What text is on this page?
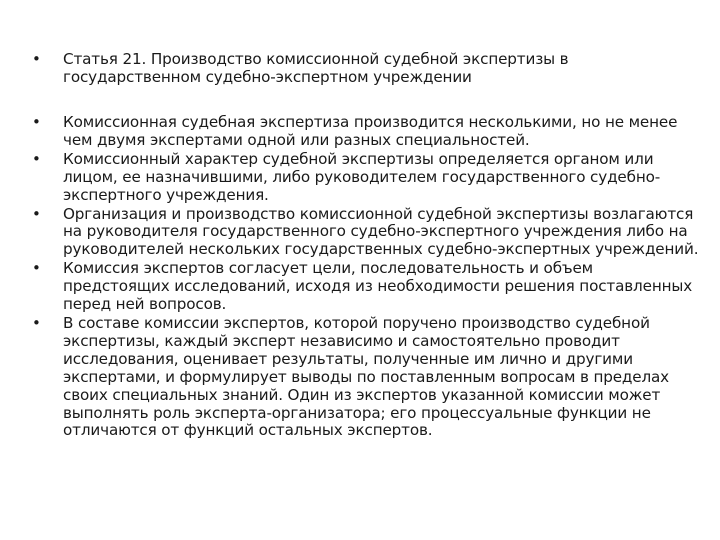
• Статья 21. Производство комиссионной судебной экспертизы в государственном судебно-экспертном учреждении
• Комиссионная судебная экспертиза производится несколькими, но не менее чем двумя экспертами одной или разных специальностей.
• Комиссионный характер судебной экспертизы определяется органом или лицом, ее назначившими, либо руководителем государственного судебно-экспертного учреждения.
• Организация и производство комиссионной судебной экспертизы возлагаются на руководителя государственного судебно-экспертного учреждения либо на руководителей нескольких государственных судебно-экспертных учреждений.
• Комиссия экспертов согласует цели, последовательность и объем предстоящих исследований, исходя из необходимости решения поставленных перед ней вопросов.
• В составе комиссии экспертов, которой поручено производство судебной экспертизы, каждый эксперт независимо и самостоятельно проводит исследования, оценивает результаты, полученные им лично и другими экспертами, и формулирует выводы по поставленным вопросам в пределах своих специальных знаний. Один из экспертов указанной комиссии может выполнять роль эксперта-организатора; его процессуальные функции не отличаются от функций остальных экспертов.
